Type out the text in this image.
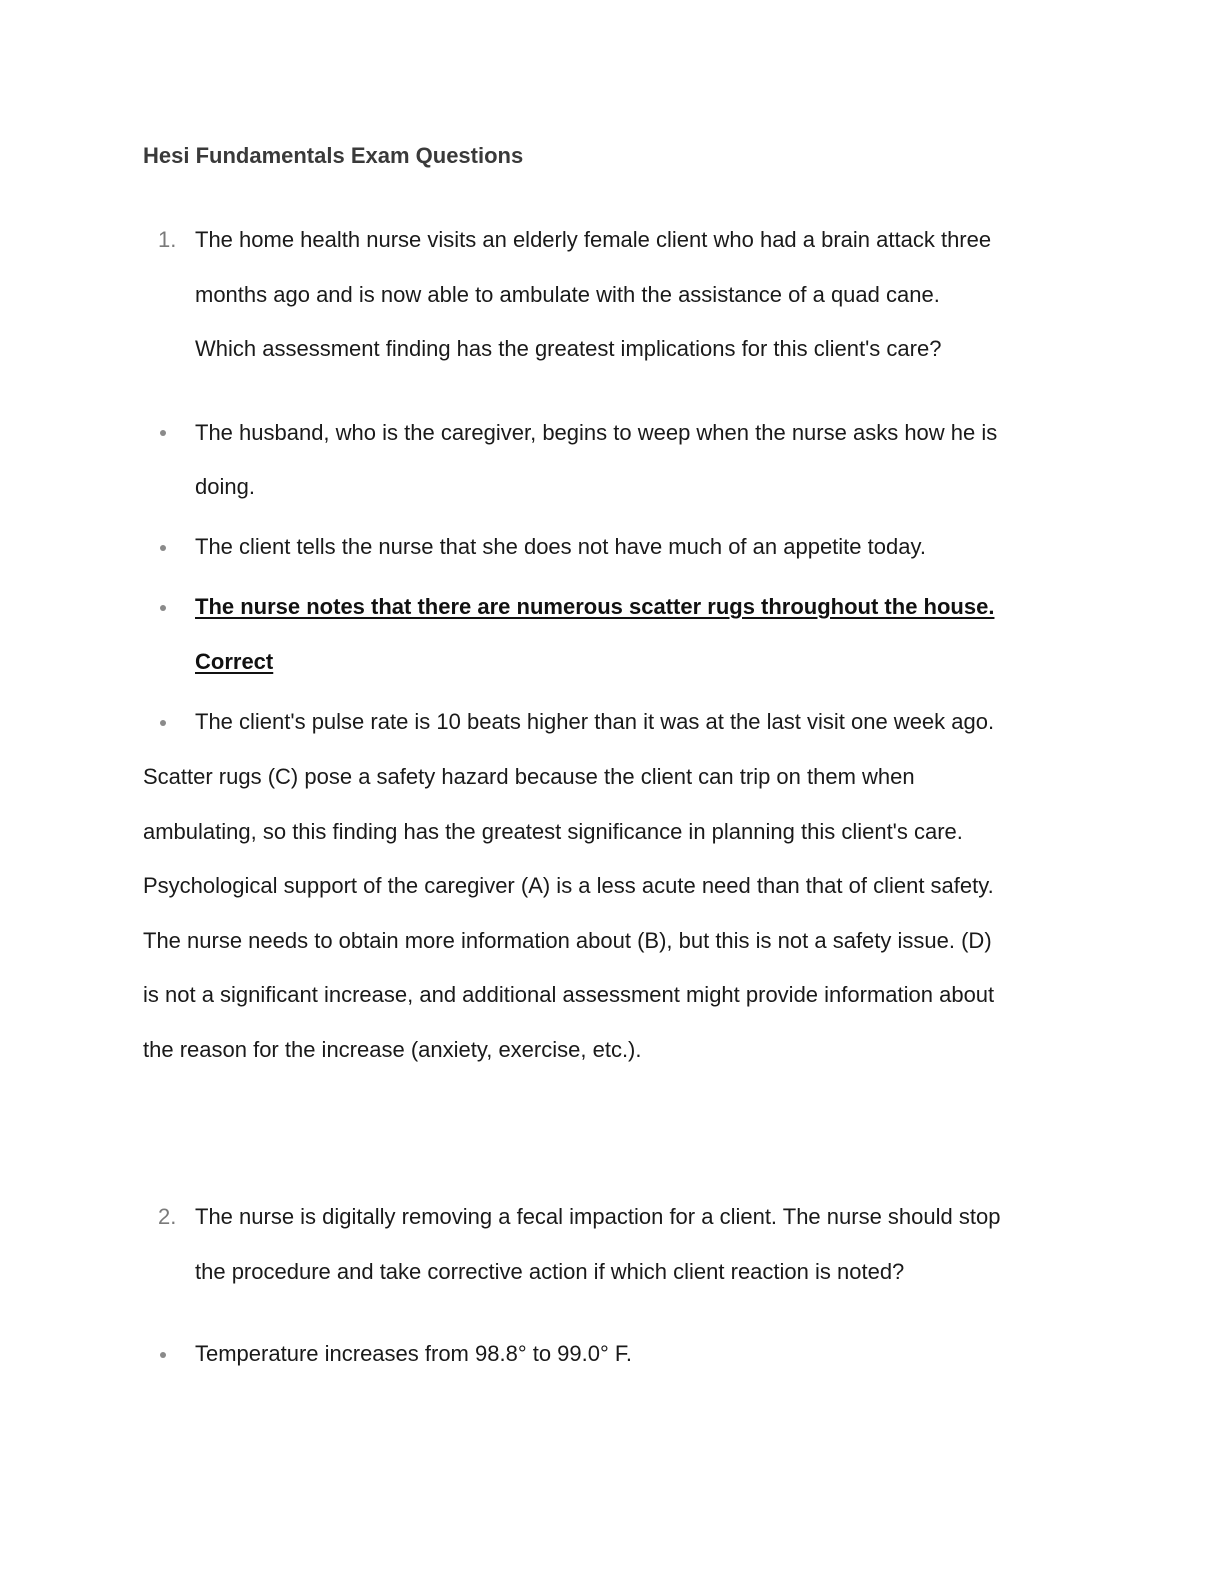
Hesi Fundamentals Exam Questions
1. The home health nurse visits an elderly female client who had a brain attack three
months ago and is now able to ambulate with the assistance of a quad cane.
Which assessment finding has the greatest implications for this client's care?
The husband, who is the caregiver, begins to weep when the nurse asks how he is
doing.
The client tells the nurse that she does not have much of an appetite today.
The nurse notes that there are numerous scatter rugs throughout the house.
Correct
The client's pulse rate is 10 beats higher than it was at the last visit one week ago.
Scatter rugs (C) pose a safety hazard because the client can trip on them when
ambulating, so this finding has the greatest significance in planning this client's care.
Psychological support of the caregiver (A) is a less acute need than that of client safety.
The nurse needs to obtain more information about (B), but this is not a safety issue. (D)
is not a significant increase, and additional assessment might provide information about
the reason for the increase (anxiety, exercise, etc.).
2. The nurse is digitally removing a fecal impaction for a client. The nurse should stop
the procedure and take corrective action if which client reaction is noted?
Temperature increases from 98.8° to 99.0° F.
